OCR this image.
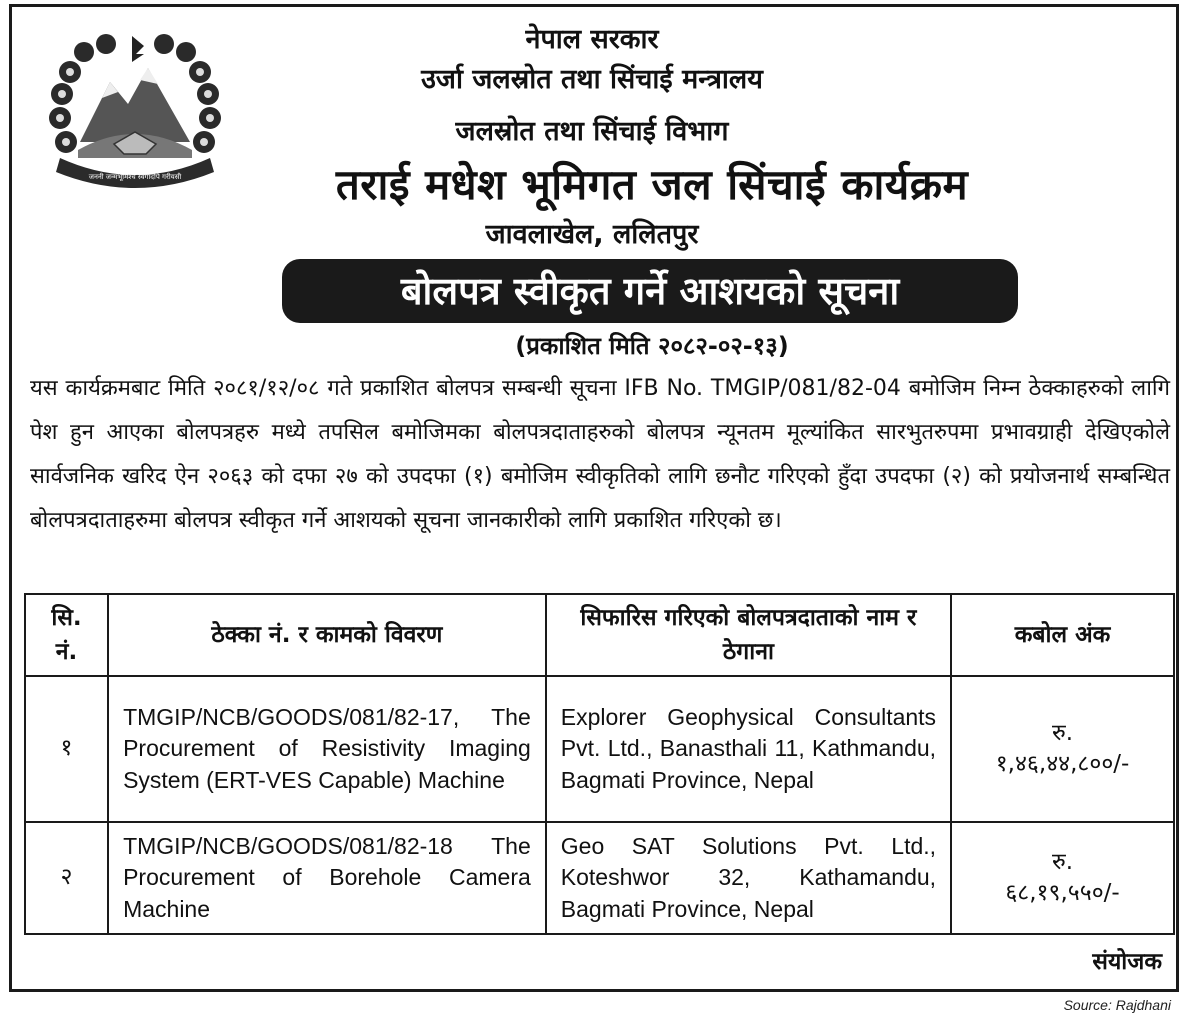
जननी जन्मभूमिश्च स्वर्गादपि गरीयसी
नेपाल सरकार
उर्जा जलस्रोत तथा सिंचाई मन्त्रालय
जलस्रोत तथा सिंचाई विभाग
तराई मधेश भूमिगत जल सिंचाई कार्यक्रम
जावलाखेल, ललितपुर
बोलपत्र स्वीकृत गर्ने आशयको सूचना
(प्रकाशित मिति २०८२-०२-१३)
यस कार्यक्रमबाट मिति २०८१/१२/०८ गते प्रकाशित बोलपत्र सम्बन्धी सूचना IFB No. TMGIP/081/82-04 बमोजिम निम्न ठेक्काहरुको लागि पेश हुन आएका बोलपत्रहरु मध्ये तपसिल बमोजिमका बोलपत्रदाताहरुको बोलपत्र न्यूनतम मूल्यांकित सारभुतरुपमा प्रभावग्राही देखिएकोले सार्वजनिक खरिद ऐन २०६३ को दफा २७ को उपदफा (१) बमोजिम स्वीकृतिको लागि छनौट गरिएको हुँदा उपदफा (२) को प्रयोजनार्थ सम्बन्धित बोलपत्रदाताहरुमा बोलपत्र स्वीकृत गर्ने आशयको सूचना जानकारीको लागि प्रकाशित गरिएको छ।
सि. नं.	ठेक्का नं. र कामको विवरण	सिफारिस गरिएको बोलपत्रदाताको नाम र ठेगाना	कबोल अंक
१	TMGIP/NCB/GOODS/081/82-17, The Procurement of Resistivity Imaging System (ERT-VES Capable) Machine	Explorer Geophysical Consultants Pvt. Ltd., Banasthali 11, Kathmandu, Bagmati Province, Nepal	रु.
१,४६,४४,८००/-

२	TMGIP/NCB/GOODS/081/82-18 The Procurement of Borehole Camera Machine	Geo SAT Solutions Pvt. Ltd., Koteshwor 32, Kathamandu, Bagmati Province, Nepal	रु.
६८,१९,५५०/-
संयोजक
Source: Rajdhani
